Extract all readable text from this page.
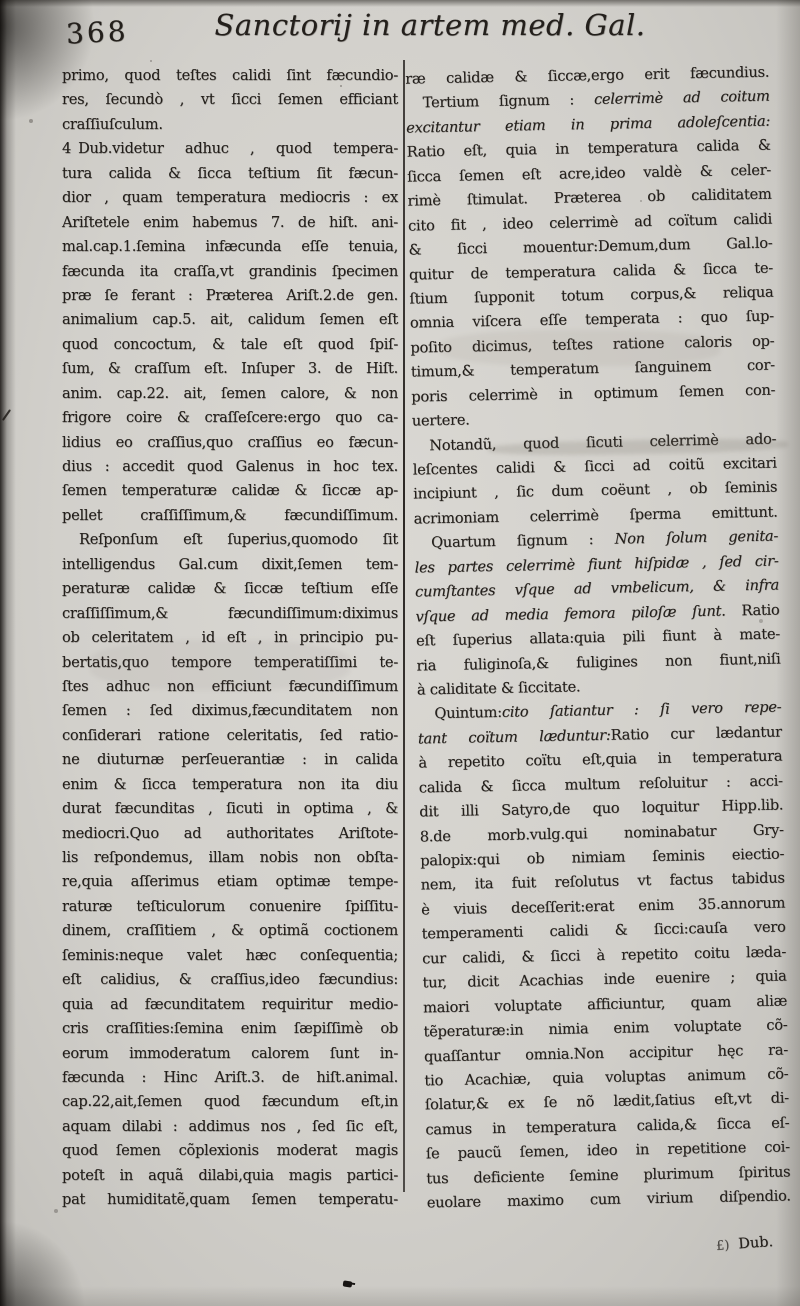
368	Sanctorij in artem med. Gal.
primo, quod teſtes calidi ſint fæcundio-
res, ſecundò , vt ſicci ſemen efficiant
craſſiuſculum.
4 Dub.videtur adhuc , quod tempera-
tura calida & ſicca teſtium ſit fæcun-
dior , quam temperatura mediocris : ex
Ariſtetele enim habemus 7. de hiſt. ani-
mal.cap.1.ſemina infæcunda eſſe tenuia,
fæcunda ita craſſa,vt grandinis ſpecimen
præ ſe ferant : Præterea Ariſt.2.de gen.
animalium cap.5. ait, calidum ſemen eſt
quod concoctum, & tale eſt quod ſpiſ-
ſum, & craſſum eſt. Inſuper 3. de Hiſt.
anim. cap.22. ait, ſemen calore, & non
frigore coire & craſſeſcere:ergo quo ca-
lidius eo craſſius,quo craſſius eo fæcun-
dius : accedit quod Galenus in hoc tex.
ſemen temperaturæ calidæ & ſiccæ ap-
pellet craſſiſſimum,& fæcundiſſimum.
Reſponſum eſt ſuperius,quomodo ſit
intelligendus Gal.cum dixit,ſemen tem-
peraturæ calidæ & ſiccæ teſtium eſſe
craſſiſſimum,& fæcundiſſimum:diximus
ob celeritatem , id eſt , in principio pu-
bertatis,quo tempore temperatiſſimi te-
ſtes adhuc non efficiunt fæcundiſſimum
ſemen : ſed diximus,fæcunditatem non
conſiderari ratione celeritatis, ſed ratio-
ne diuturnæ perſeuerantiæ : in calida
enim & ſicca temperatura non ita diu
durat fæcunditas , ſicuti in optima , &
mediocri.Quo ad authoritates Ariſtote-
lis reſpondemus, illam nobis non obſta-
re,quia aſſerimus etiam optimæ tempe-
raturæ teſticulorum conuenire ſpiſſitu-
dinem, craſſitiem , & optimã coctionem
ſeminis:neque valet hæc conſequentia;
eſt calidius, & craſſius,ideo fæcundius:
quia ad fæcunditatem requiritur medio-
cris craſſities:ſemina enim ſæpiſſimè ob
eorum immoderatum calorem ſunt in-
fæcunda : Hinc Ariſt.3. de hiſt.animal.
cap.22,ait,ſemen quod fæcundum eſt,in
aquam dilabi : addimus nos , ſed ſic eſt,
quod ſemen cõplexionis moderat magis
poteſt in aquã dilabi,quia magis partici-
pat humiditatẽ,quam ſemen temperatu-
ræ calidæ & ſiccæ,ergo erit fæcundius.
Tertium ſignum : celerrimè ad coitum
excitantur etiam in prima adoleſcentia:
Ratio eſt, quia in temperatura calida &
ſicca ſemen eſt acre,ideo valdè & celer-
rimè ſtimulat. Præterea ob caliditatem
cito fit , ideo celerrimè ad coïtum calidi
& ſicci mouentur:Demum,dum Gal.lo-
quitur de temperatura calida & ſicca te-
ſtium ſupponit totum corpus,& reliqua
omnia viſcera eſſe temperata : quo ſup-
poſito dicimus, teſtes ratione caloris op-
timum,& temperatum ſanguinem cor-
poris celerrimè in optimum ſemen con-
uertere.
Notandũ, quod ſicuti celerrimè ado-
leſcentes calidi & ſicci ad coitũ excitari
incipiunt , ſic dum coëunt , ob ſeminis
acrimoniam celerrimè ſperma emittunt.
Quartum ſignum : Non ſolum genita-
les partes celerrimè fiunt hiſpidæ , ſed cir-
cumſtantes vſque ad vmbelicum, & infra
vſque ad media femora piloſæ ſunt. Ratio
eſt ſuperius allata:quia pili fiunt à mate-
ria fuliginoſa,& fuligines non fiunt,niſi
à caliditate & ſiccitate.
Quintum:cito ſatiantur : ſi vero repe-
tant coïtum læduntur:Ratio cur lædantur
à repetito coïtu eſt,quia in temperatura
calida & ſicca multum reſoluitur : acci-
dit illi Satyro,de quo loquitur Hipp.lib.
8.de morb.vulg.qui nominabatur Gry-
palopix:qui ob nimiam ſeminis eiectio-
nem, ita fuit reſolutus vt factus tabidus
è viuis deceſſerit:erat enim 35.annorum
temperamenti calidi & ſicci:cauſa vero
cur calidi, & ſicci à repetito coitu læda-
tur, dicit Acachias inde euenire ; quia
maiori voluptate afficiuntur, quam aliæ
tẽperaturæ:in nimia enim voluptate cõ-
quaſſantur omnia.Non accipitur hęc ra-
tio Acachiæ, quia voluptas animum cõ-
ſolatur,& ex ſe nõ lædit,ſatius eſt,vt di-
camus in temperatura calida,& ſicca eſ-
ſe paucũ ſemen, ideo in repetitione coi-
tus deficiente ſemine plurimum ſpiritus
euolare maximo cum virium diſpendio.
£) Dub.
